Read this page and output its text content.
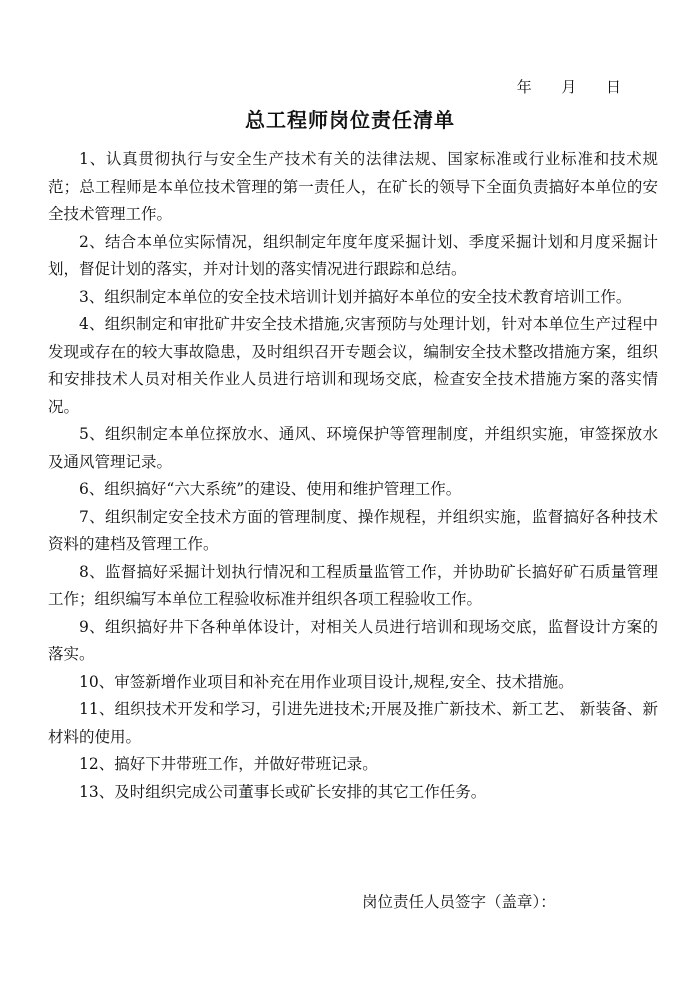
年 月 日
总工程师岗位责任清单

1、认真贯彻执行与安全生产技术有关的法律法规、国家标准或行业标准和技术规范；总工程师是本单位技术管理的第一责任人，在矿长的领导下全面负责搞好本单位的安全技术管理工作。

2、结合本单位实际情况，组织制定年度年度采掘计划、季度采掘计划和月度采掘计划，督促计划的落实，并对计划的落实情况进行跟踪和总结。

3、组织制定本单位的安全技术培训计划并搞好本单位的安全技术教育培训工作。

4、组织制定和审批矿井安全技术措施,灾害预防与处理计划，针对本单位生产过程中发现或存在的较大事故隐患，及时组织召开专题会议，编制安全技术整改措施方案，组织和安排技术人员对相关作业人员进行培训和现场交底，检查安全技术措施方案的落实情况。

5、组织制定本单位探放水、通风、环境保护等管理制度，并组织实施，审签探放水及通风管理记录。

6、组织搞好“六大系统”的建设、使用和维护管理工作。

7、组织制定安全技术方面的管理制度、操作规程，并组织实施，监督搞好各种技术资料的建档及管理工作。

8、监督搞好采掘计划执行情况和工程质量监管工作，并协助矿长搞好矿石质量管理工作；组织编写本单位工程验收标准并组织各项工程验收工作。

9、组织搞好井下各种单体设计，对相关人员进行培训和现场交底，监督设计方案的落实。

10、审签新增作业项目和补充在用作业项目设计,规程,安全、技术措施。

11、组织技术开发和学习，引进先进技术;开展及推广新技术、新工艺、 新装备、新材料的使用。

12、搞好下井带班工作，并做好带班记录。

13、及时组织完成公司董事长或矿长安排的其它工作任务。

岗位责任人员签字（盖章）：
